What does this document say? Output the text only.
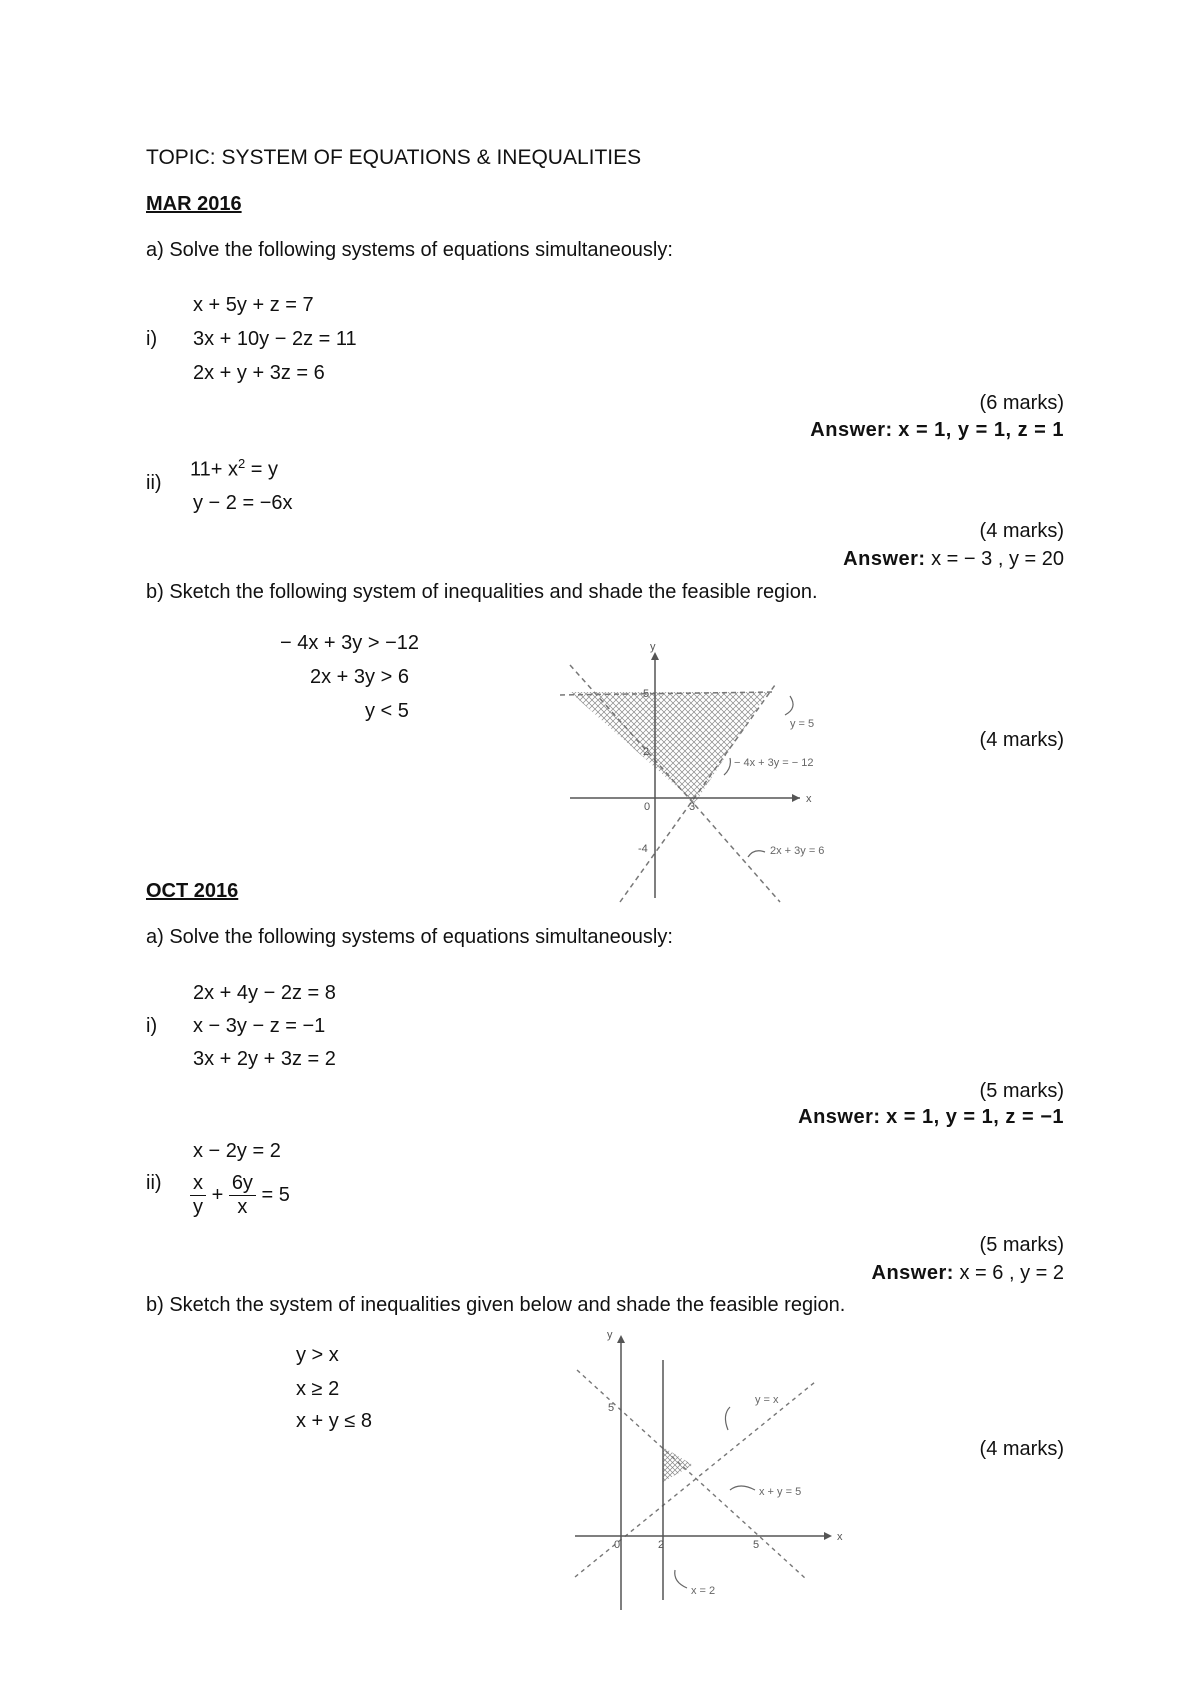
TOPIC: SYSTEM OF EQUATIONS & INEQUALITIES
MAR 2016
a) Solve the following systems of equations simultaneously:
x + 5y + z = 7
i) 3x + 10y − 2z = 11
2x + y + 3z = 6
(6 marks)
Answer: x = 1, y = 1, z = 1
ii)
$11+ x^2 = y$
y − 2 = −6x
(4 marks)
Answer: x = − 3 , y = 20
b) Sketch the following system of inequalities and shade the feasible region.
− 4x + 3y > −12
2x + 3y > 6
y < 5
(4 marks)
x
y
0
5
2
3
-4
y = 5
− 4x + 3y = − 12
2x + 3y = 6
OCT 2016
a) Solve the following systems of equations simultaneously:
2x + 4y − 2z = 8
i) x − 3y − z = −1
3x + 2y + 3z = 2
(5 marks)
Answer: x = 1, y = 1, z = −1
x − 2y = 2
$ii) \frac{x}{y} + \frac{6y}{x} = 5$
(5 marks)
Answer: x = 6 , y = 2
b) Sketch the system of inequalities given below and shade the feasible region.
y > x
x ≥ 2
x + y ≤ 8
(4 marks)
x
y
0
5
2	5
y = x
x + y = 5
x = 2
